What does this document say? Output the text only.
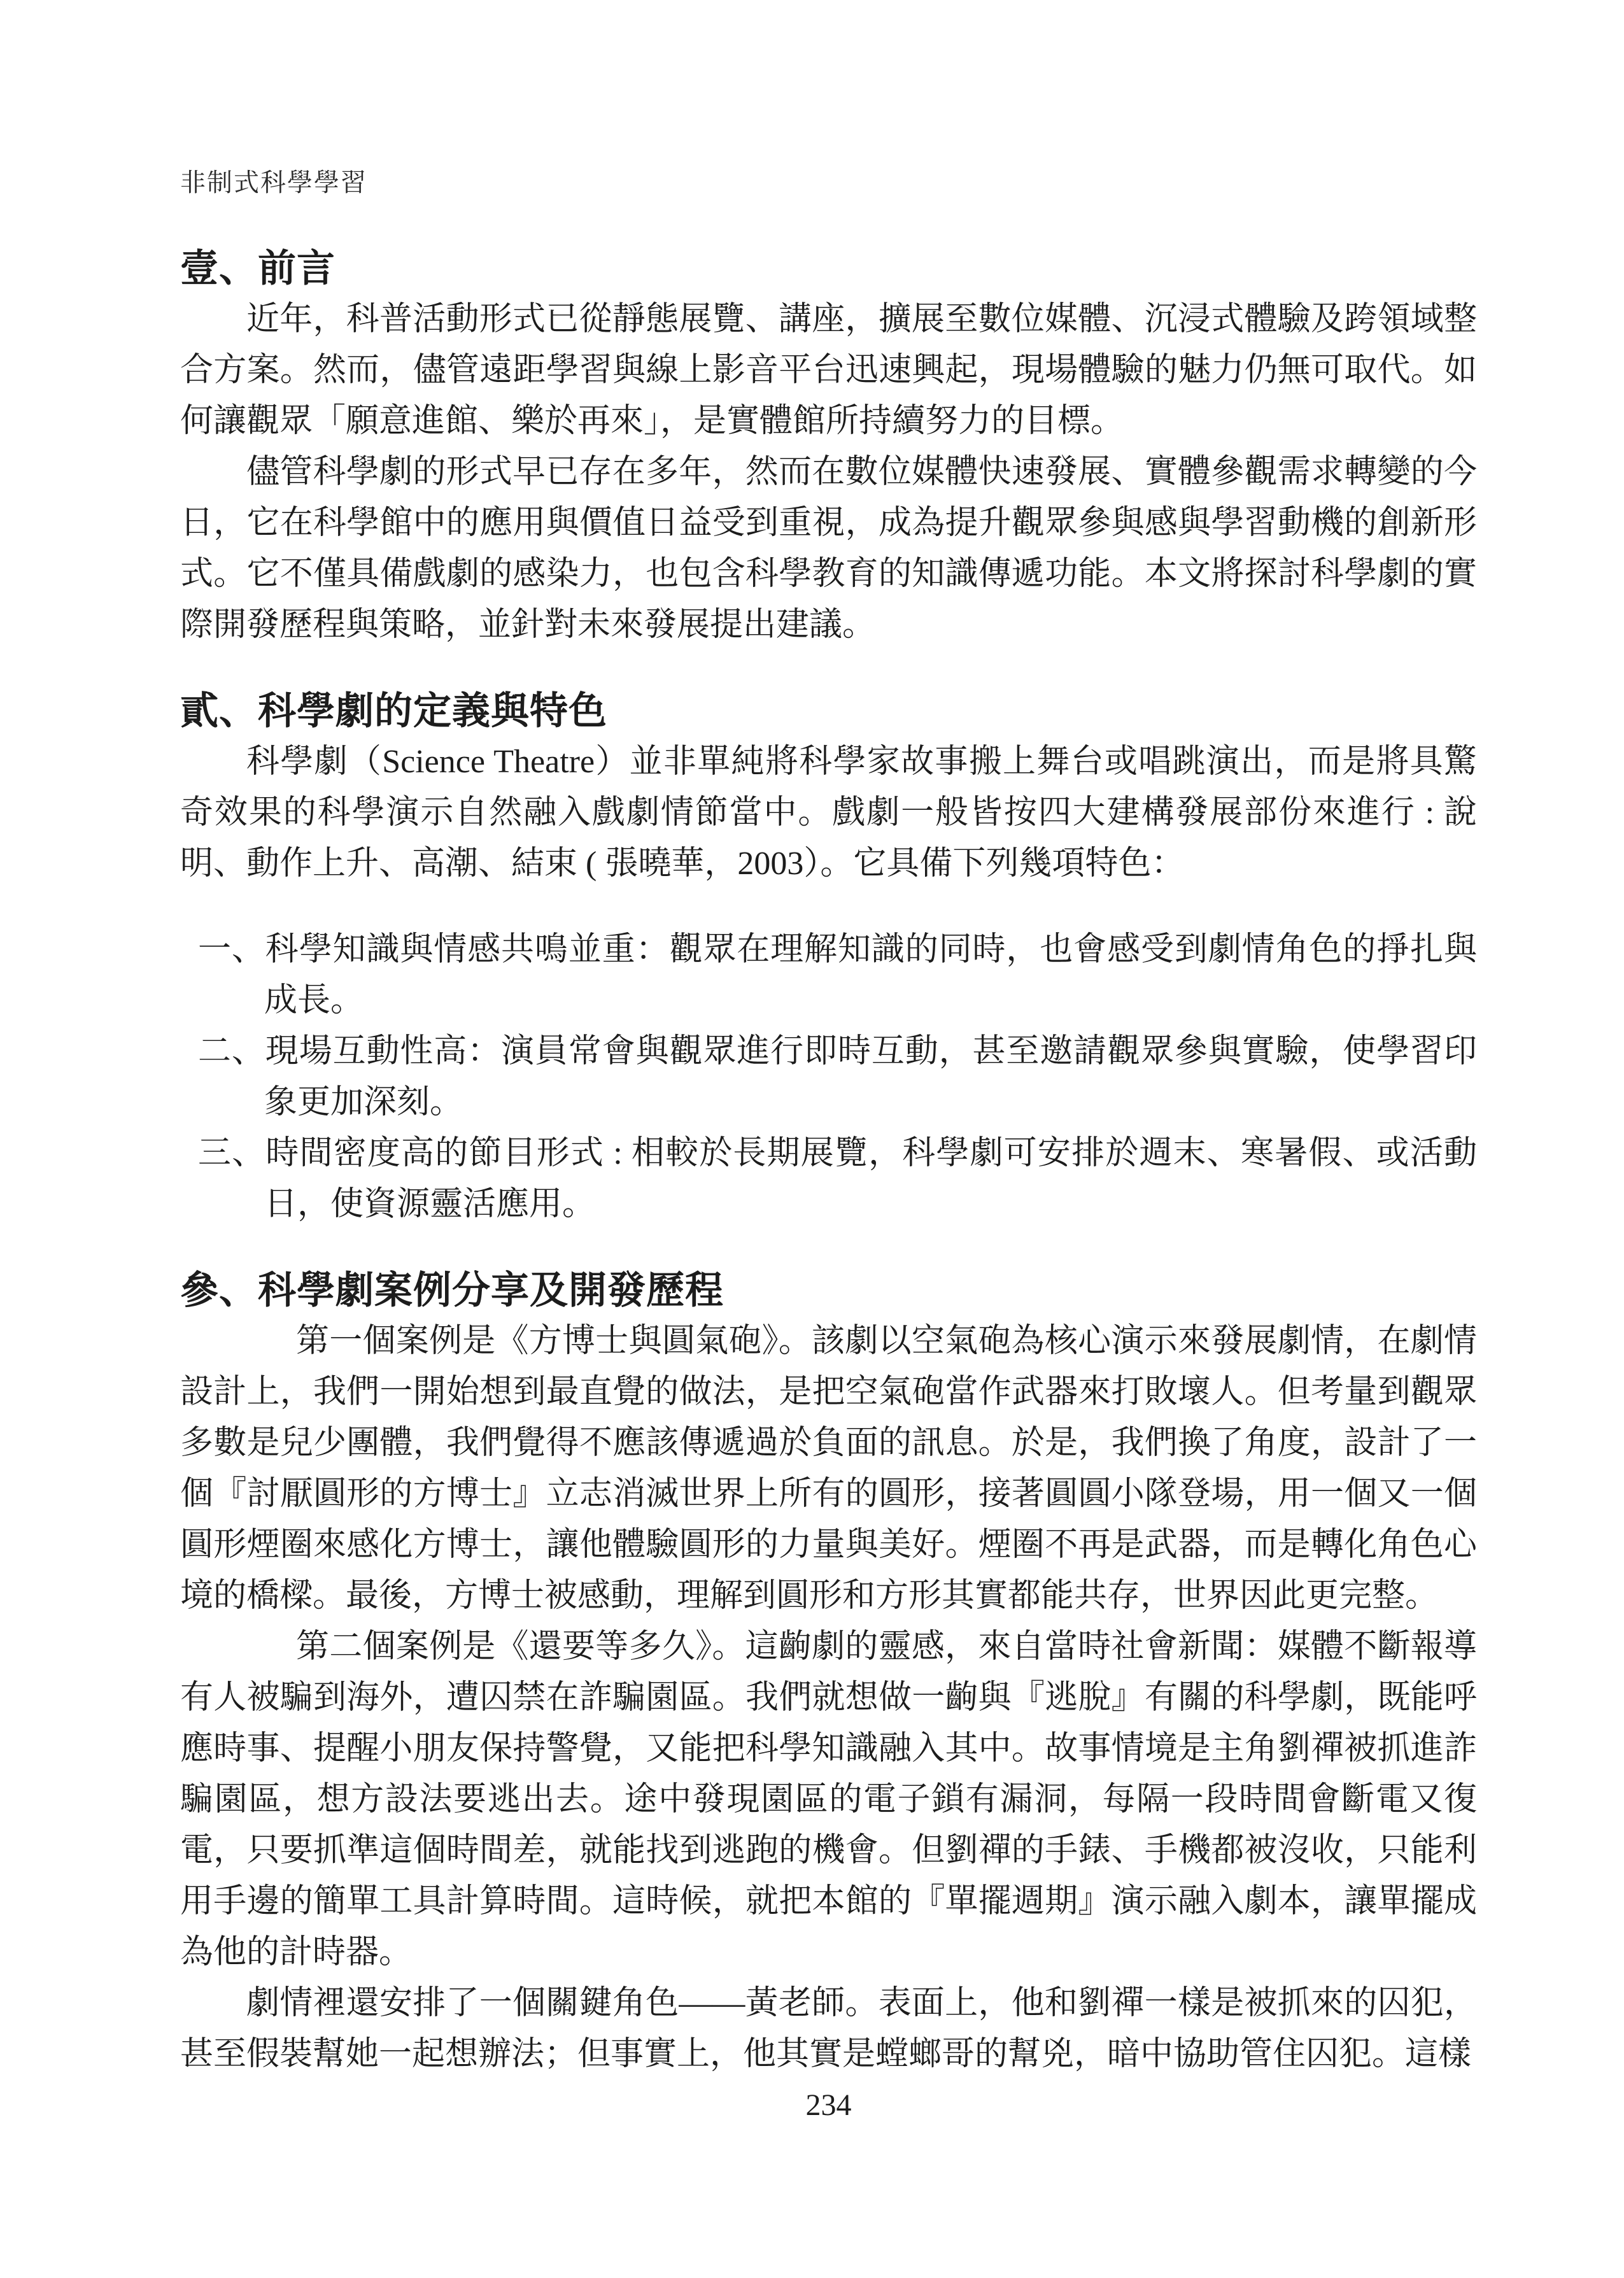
非制式科學學習
壹、前言

近年，科普活動形式已從靜態展覽、講座，擴展至數位媒體、沉浸式體驗及跨領域整合方案。然而，儘管遠距學習與線上影音平台迅速興起，現場體驗的魅力仍無可取代。如何讓觀眾「願意進館、樂於再來」，是實體館所持續努力的目標。

儘管科學劇的形式早已存在多年，然而在數位媒體快速發展、實體參觀需求轉變的今日，它在科學館中的應用與價值日益受到重視，成為提升觀眾參與感與學習動機的創新形式。它不僅具備戲劇的感染力，也包含科學教育的知識傳遞功能。本文將探討科學劇的實際開發歷程與策略，並針對未來發展提出建議。

貳、科學劇的定義與特色

科學劇（Science Theatre）並非單純將科學家故事搬上舞台或唱跳演出，而是將具驚奇效果的科學演示自然融入戲劇情節當中。戲劇一般皆按四大建構發展部份來進行 : 說明、動作上升、高潮、結束 ( 張曉華，2003）。它具備下列幾項特色：

一、科學知識與情感共鳴並重：觀眾在理解知識的同時，也會感受到劇情角色的掙扎與成長。
二、現場互動性高：演員常會與觀眾進行即時互動，甚至邀請觀眾參與實驗，使學習印象更加深刻。
三、時間密度高的節目形式 : 相較於長期展覽，科學劇可安排於週末、寒暑假、或活動日，使資源靈活應用。
參、科學劇案例分享及開發歷程

第一個案例是《方博士與圓氣砲》。該劇以空氣砲為核心演示來發展劇情，在劇情設計上，我們一開始想到最直覺的做法，是把空氣砲當作武器來打敗壞人。但考量到觀眾多數是兒少團體，我們覺得不應該傳遞過於負面的訊息。於是，我們換了角度，設計了一個『討厭圓形的方博士』立志消滅世界上所有的圓形，接著圓圓小隊登場，用一個又一個圓形煙圈來感化方博士，讓他體驗圓形的力量與美好。煙圈不再是武器，而是轉化角色心境的橋樑。最後，方博士被感動，理解到圓形和方形其實都能共存，世界因此更完整。

第二個案例是《還要等多久》。這齣劇的靈感，來自當時社會新聞：媒體不斷報導有人被騙到海外，遭囚禁在詐騙園區。我們就想做一齣與『逃脫』有關的科學劇，既能呼應時事、提醒小朋友保持警覺，又能把科學知識融入其中。故事情境是主角劉禪被抓進詐騙園區，想方設法要逃出去。途中發現園區的電子鎖有漏洞，每隔一段時間會斷電又復電，只要抓準這個時間差，就能找到逃跑的機會。但劉禪的手錶、手機都被沒收，只能利用手邊的簡單工具計算時間。這時候，就把本館的『單擺週期』演示融入劇本，讓單擺成為他的計時器。

劇情裡還安排了一個關鍵角色——黃老師。表面上，他和劉禪一樣是被抓來的囚犯，甚至假裝幫她一起想辦法；但事實上，他其實是螳螂哥的幫兇，暗中協助管住囚犯。這樣

234
